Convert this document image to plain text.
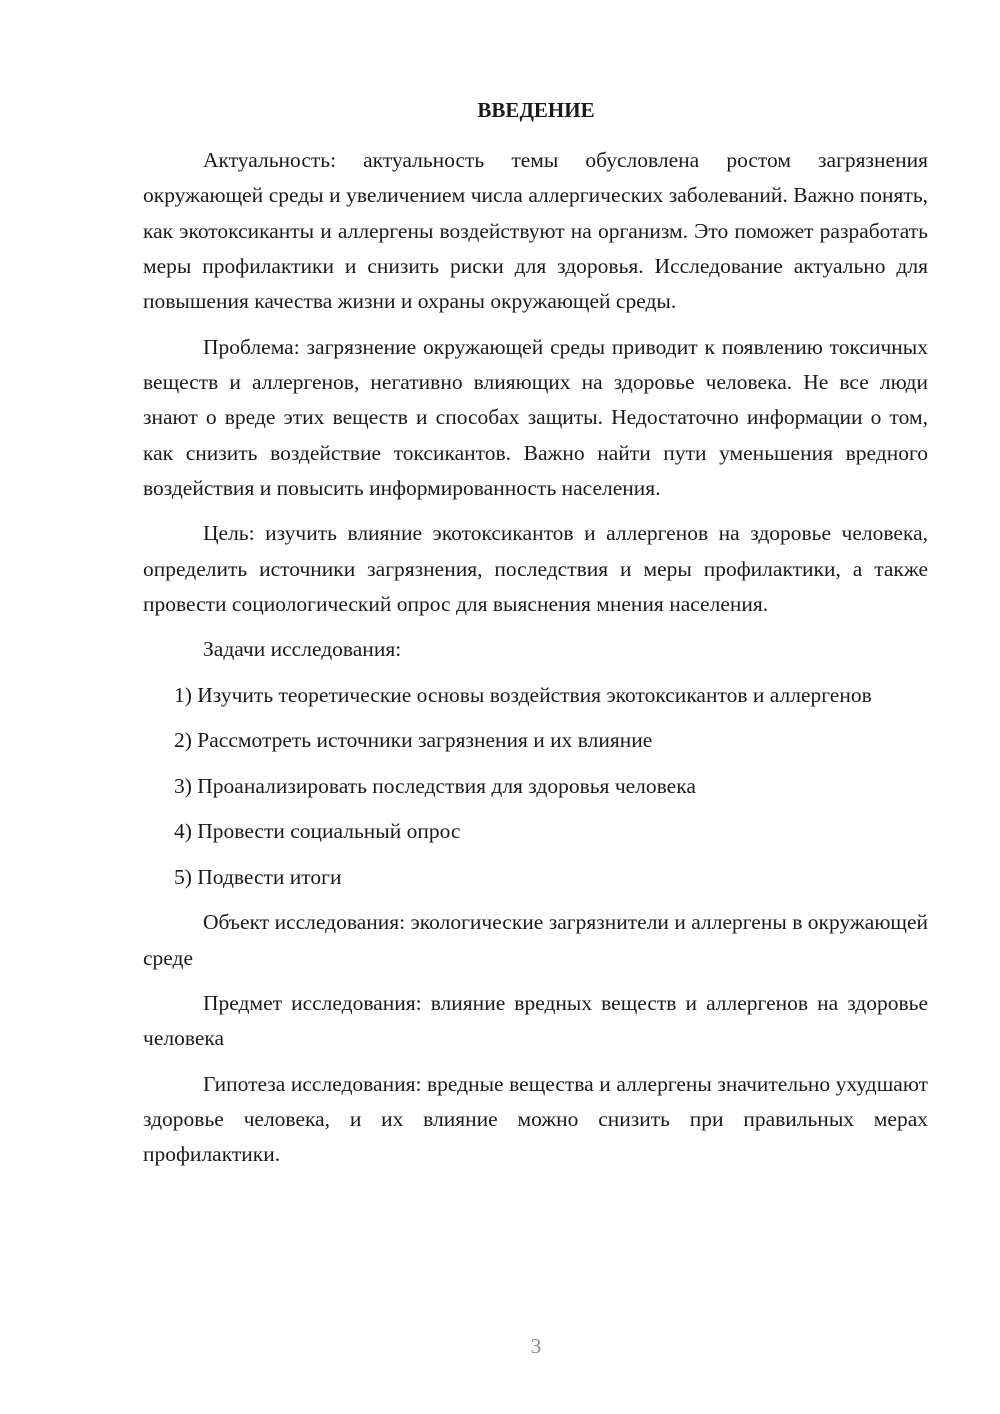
ВВЕДЕНИЕ

Актуальность: актуальность темы обусловлена ростом загрязнения окружающей среды и увеличением числа аллергических заболеваний. Важно понять, как экотоксиканты и аллергены воздействуют на организм. Это поможет разработать меры профилактики и снизить риски для здоровья. Исследование актуально для повышения качества жизни и охраны окружающей среды.

Проблема: загрязнение окружающей среды приводит к появлению токсичных веществ и аллергенов, негативно влияющих на здоровье человека. Не все люди знают о вреде этих веществ и способах защиты. Недостаточно информации о том, как снизить воздействие токсикантов. Важно найти пути уменьшения вредного воздействия и повысить информированность населения.

Цель: изучить влияние экотоксикантов и аллергенов на здоровье человека, определить источники загрязнения, последствия и меры профилактики, а также провести социологический опрос для выяснения мнения населения.

Задачи исследования:

1) Изучить теоретические основы воздействия экотоксикантов и аллергенов

2) Рассмотреть источники загрязнения и их влияние

3) Проанализировать последствия для здоровья человека

4) Провести социальный опрос

5) Подвести итоги

Объект исследования: экологические загрязнители и аллергены в окружающей среде

Предмет исследования: влияние вредных веществ и аллергенов на здоровье человека

Гипотеза исследования: вредные вещества и аллергены значительно ухудшают здоровье человека, и их влияние можно снизить при правильных мерах профилактики.

3
